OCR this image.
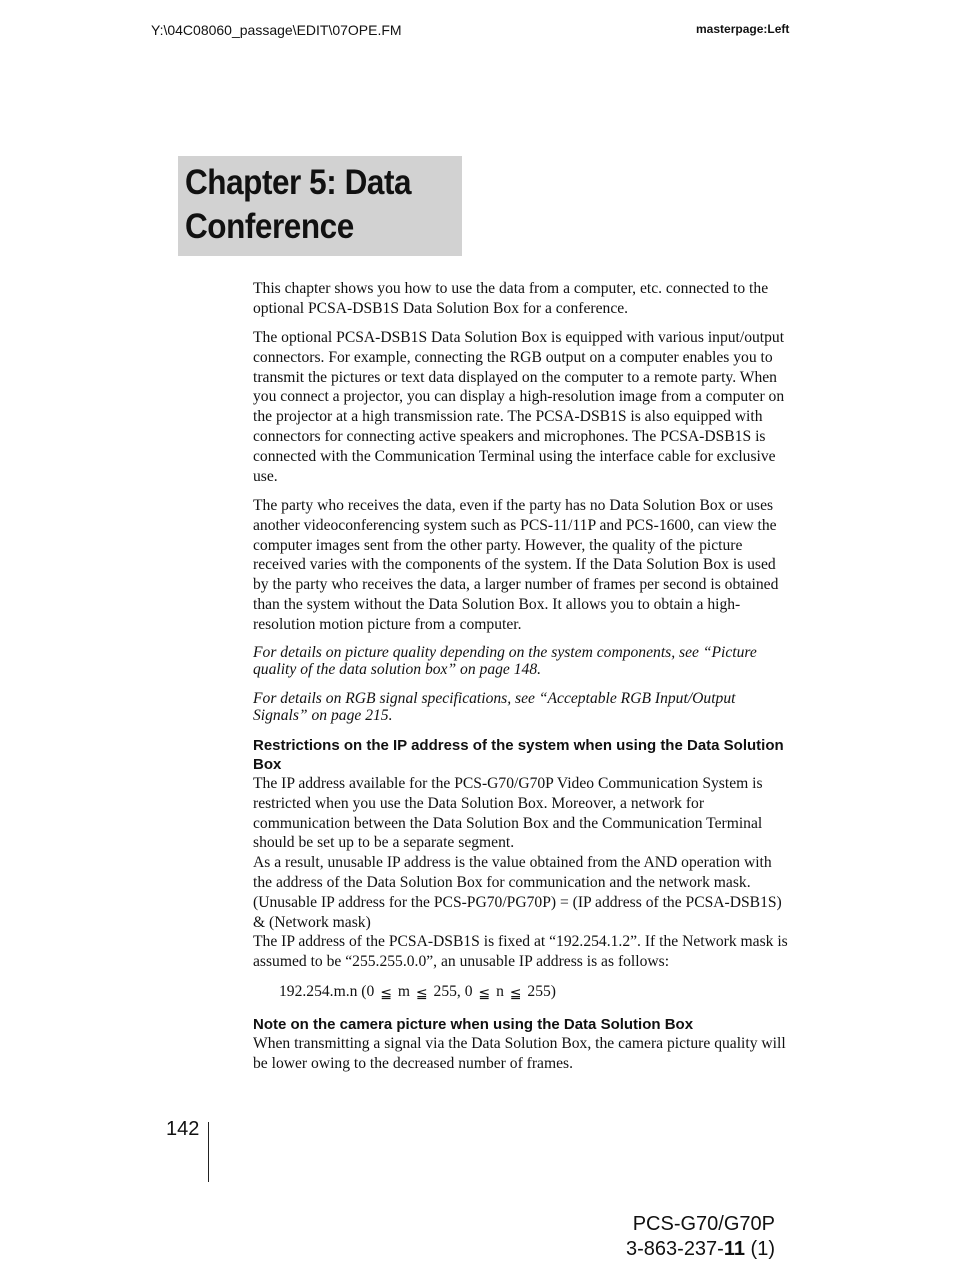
Y:\04C08060_passage\EDIT\07OPE.FM	masterpage:Left
Chapter 5: Data
Conference

This chapter shows you how to use the data from a computer, etc. connected to the optional PCSA-DSB1S Data Solution Box for a conference.

The optional PCSA-DSB1S Data Solution Box is equipped with various input/output connectors. For example, connecting the RGB output on a computer enables you to transmit the pictures or text data displayed on the computer to a remote party. When you connect a projector, you can display a high-resolution image from a computer on the projector at a high transmission rate. The PCSA-DSB1S is also equipped with connectors for connecting active speakers and microphones. The PCSA-DSB1S is connected with the Communication Terminal using the interface cable for exclusive use.

The party who receives the data, even if the party has no Data Solution Box or uses another videoconferencing system such as PCS-11/11P and PCS-1600, can view the computer images sent from the other party. However, the quality of the picture received varies with the components of the system. If the Data Solution Box is used by the party who receives the data, a larger number of frames per second is obtained than the system without the Data Solution Box. It allows you to obtain a high-resolution motion picture from a computer.

For details on picture quality depending on the system components, see “Picture quality of the data solution box” on page 148.

For details on RGB signal specifications, see “Acceptable RGB Input/Output Signals” on page 215.

Restrictions on the IP address of the system when using the Data Solution Box

The IP address available for the PCS-G70/G70P Video Communication System is restricted when you use the Data Solution Box. Moreover, a network for communication between the Data Solution Box and the Communication Terminal should be set up to be a separate segment.

As a result, unusable IP address is the value obtained from the AND operation with the address of the Data Solution Box for communication and the network mask.

(Unusable IP address for the PCS-PG70/PG70P) = (IP address of the PCSA-DSB1S) & (Network mask)

The IP address of the PCSA-DSB1S is fixed at “192.254.1.2”. If the Network mask is assumed to be “255.255.0.0”, an unusable IP address is as follows:

192.254.m.n (0 ≦ m ≦ 255, 0 ≦ n ≦ 255)

Note on the camera picture when using the Data Solution Box

When transmitting a signal via the Data Solution Box, the camera picture quality will be lower owing to the decreased number of frames.

142
PCS-G70/G70P
3-863-237-11 (1)
